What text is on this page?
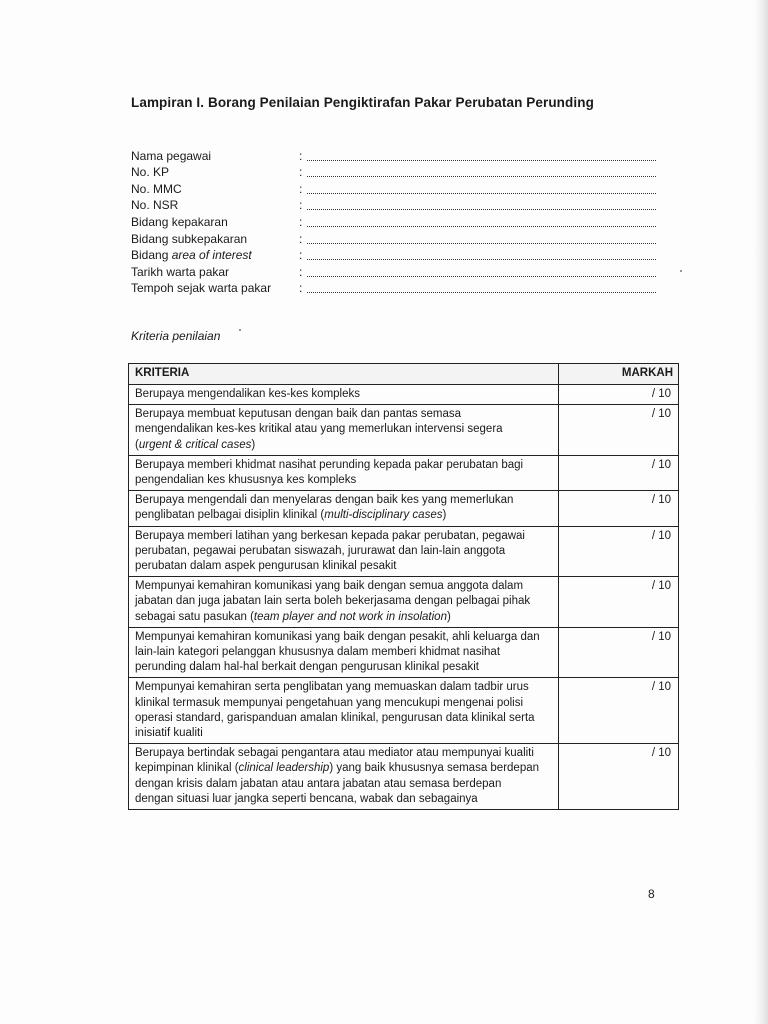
Lampiran I. Borang Penilaian Pengiktirafan Pakar Perubatan Perunding
Nama pegawai	:
No. KP	:
No. MMC	:
No. NSR	:
Bidang kepakaran	:
Bidang subkepakaran	:
Bidang area of interest	:
Tarikh warta pakar	:
Tempoh sejak warta pakar	:
Kriteria penilaian
KRITERIA	MARKAH

Berupaya mengendalikan kes-kes kompleks	/ 10

Berupaya membuat keputusan dengan baik dan pantas semasa
mengendalikan kes-kes kritikal atau yang memerlukan intervensi segera
(urgent & critical cases)	/ 10

Berupaya memberi khidmat nasihat perunding kepada pakar perubatan bagi
pengendalian kes khususnya kes kompleks	/ 10

Berupaya mengendali dan menyelaras dengan baik kes yang memerlukan
penglibatan pelbagai disiplin klinikal (multi-disciplinary cases)	/ 10

Berupaya memberi latihan yang berkesan kepada pakar perubatan, pegawai
perubatan, pegawai perubatan siswazah, jururawat dan lain-lain anggota
perubatan dalam aspek pengurusan klinikal pesakit	/ 10

Mempunyai kemahiran komunikasi yang baik dengan semua anggota dalam
jabatan dan juga jabatan lain serta boleh bekerjasama dengan pelbagai pihak
sebagai satu pasukan (team player and not work in insolation)	/ 10

Mempunyai kemahiran komunikasi yang baik dengan pesakit, ahli keluarga dan
lain-lain kategori pelanggan khususnya dalam memberi khidmat nasihat
perunding dalam hal-hal berkait dengan pengurusan klinikal pesakit	/ 10

Mempunyai kemahiran serta penglibatan yang memuaskan dalam tadbir urus
klinikal termasuk mempunyai pengetahuan yang mencukupi mengenai polisi
operasi standard, garispanduan amalan klinikal, pengurusan data klinikal serta
inisiatif kualiti	/ 10

Berupaya bertindak sebagai pengantara atau mediator atau mempunyai kualiti
kepimpinan klinikal (clinical leadership) yang baik khususnya semasa berdepan
dengan krisis dalam jabatan atau antara jabatan atau semasa berdepan
dengan situasi luar jangka seperti bencana, wabak dan sebagainya	/ 10
8
